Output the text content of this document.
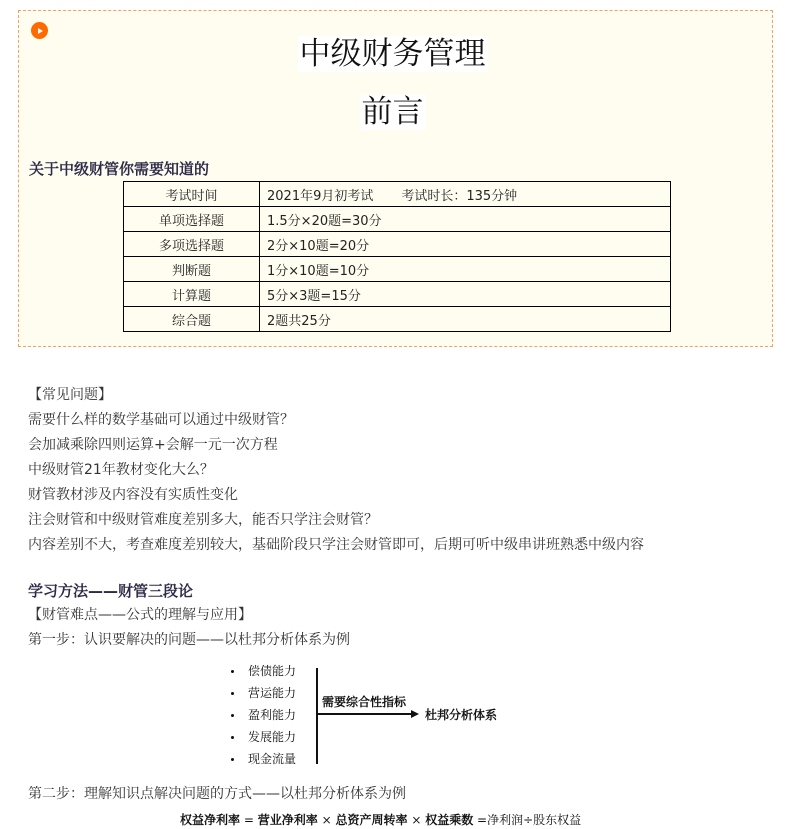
中级财务管理
前言
关于中级财管你需要知道的
考试时间	2021年9月初考试 考试时长：135分钟
单项选择题	1.5分×20题=30分
多项选择题	2分×10题=20分
判断题	1分×10题=10分
计算题	5分×3题=15分
综合题	2题共25分
【常见问题】
需要什么样的数学基础可以通过中级财管？
会加减乘除四则运算+会解一元一次方程
中级财管21年教材变化大么？
财管教材涉及内容没有实质性变化
注会财管和中级财管难度差别多大，能否只学注会财管？
内容差别不大，考查难度差别较大，基础阶段只学注会财管即可，后期可听中级串讲班熟悉中级内容
学习方法——财管三段论
【财管难点——公式的理解与应用】
第一步：认识要解决的问题——以杜邦分析体系为例
偿债能力
营运能力
盈利能力
发展能力
现金流量
需要综合性指标
杜邦分析体系
第二步：理解知识点解决问题的方式——以杜邦分析体系为例
权益净利率 = 营业净利率 × 总资产周转率 × 权益乘数 =净利润÷股东权益
